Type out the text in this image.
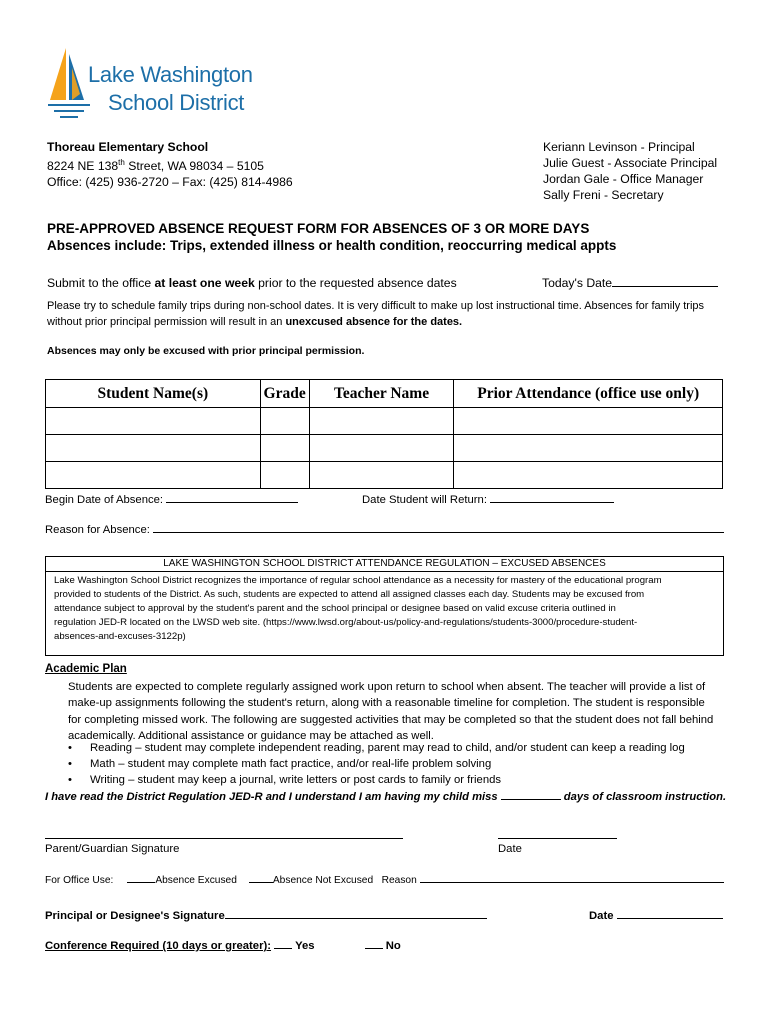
Lake Washington
School District
Thoreau Elementary School
8224 NE 138th Street, WA 98034 – 5105
Office: (425) 936-2720 – Fax: (425) 814-4986
Keriann Levinson - Principal
Julie Guest - Associate Principal
Jordan Gale - Office Manager
Sally Freni - Secretary
PRE-APPROVED ABSENCE REQUEST FORM FOR ABSENCES OF 3 OR MORE DAYS
Absences include: Trips, extended illness or health condition, reoccurring medical appts
Submit to the office at least one week prior to the requested absence dates	Today's Date
Please try to schedule family trips during non-school dates. It is very difficult to make up lost instructional time. Absences for family trips without prior principal permission will result in an unexcused absence for the dates.
Absences may only be excused with prior principal permission.
Student Name(s)	Grade	Teacher Name	Prior Attendance (office use only)

Begin Date of Absence:	Date Student will Return:
Reason for Absence:
LAKE WASHINGTON SCHOOL DISTRICT ATTENDANCE REGULATION – EXCUSED ABSENCES
Lake Washington School District recognizes the importance of regular school attendance as a necessity for mastery of the educational program
provided to students of the District. As such, students are expected to attend all assigned classes each day. Students may be excused from
attendance subject to approval by the student's parent and the school principal or designee based on valid excuse criteria outlined in
regulation JED-R located on the LWSD web site. (https://www.lwsd.org/about-us/policy-and-regulations/students-3000/procedure-student-
absences-and-excuses-3122p)
Academic Plan
Students are expected to complete regularly assigned work upon return to school when absent. The teacher will provide a list of
make-up assignments following the student's return, along with a reasonable timeline for completion. The student is responsible
for completing missed work. The following are suggested activities that may be completed so that the student does not fall behind
academically. Additional assistance or guidance may be attached as well.
• Reading – student may complete independent reading, parent may read to child, and/or student can keep a reading log
• Math – student may complete math fact practice, and/or real-life problem solving
• Writing – student may keep a journal, write letters or post cards to family or friends
I have read the District Regulation JED-R and I understand I am having my child miss	days of classroom instruction.
Parent/Guardian Signature	Date
For Office Use:	Absence Excused	Absence Not Excused Reason
Principal or Designee's Signature	Date
Conference Required (10 days or greater): Yes	No
